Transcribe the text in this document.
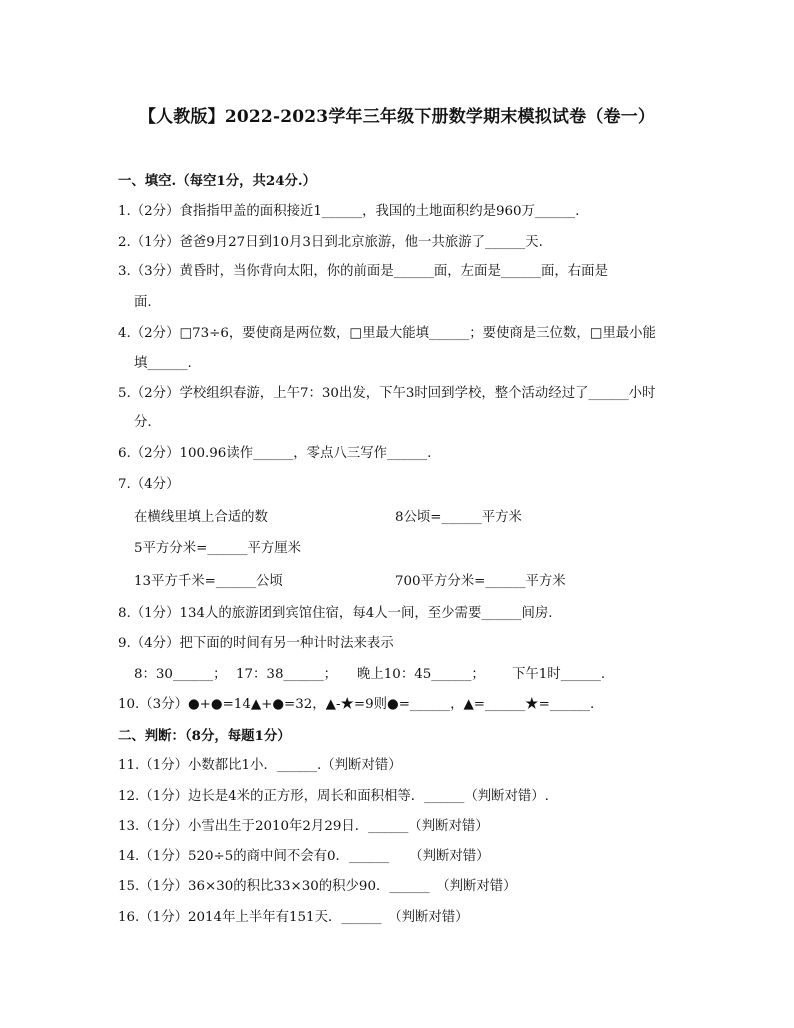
【人教版】2022-2023学年三年级下册数学期末模拟试卷（卷一）
一、填空.（每空1分，共24分.）
1.（2分）食指指甲盖的面积接近1______，我国的土地面积约是960万______.
2.（1分）爸爸9月27日到10月3日到北京旅游，他一共旅游了______天.
3.（3分）黄昏时，当你背向太阳，你的前面是______面，左面是______面，右面是
面.
4.（2分）□73÷6，要使商是两位数，□里最大能填______；要使商是三位数，□里最小能
填______.
5.（2分）学校组织春游，上午7：30出发，下午3时回到学校，整个活动经过了______小时
分.
6.（2分）100.96读作______，零点八三写作______.
7.（4分）
在横线里填上合适的数	8公顷=______平方米
5平方分米=______平方厘米
13平方千米=______公顷	700平方分米=______平方米
8.（1分）134人的旅游团到宾馆住宿，每4人一间，至少需要______间房.
9.（4分）把下面的时间有另一种计时法来表示
8：30______； 17：38______； 晚上10：45______； 下午1时______.
10.（3分）●+●=14▲+●=32，▲-★=9则●=______，▲=______★=______.
二、判断：（8分，每题1分）
11.（1分）小数都比1小．______.（判断对错）
12.（1分）边长是4米的正方形，周长和面积相等．______（判断对错）.
13.（1分）小雪出生于2010年2月29日．______（判断对错）
14.（1分）520÷5的商中间不会有0．______　　（判断对错）
15.（1分）36×30的积比33×30的积少90．______　（判断对错）
16.（1分）2014年上半年有151天．______　（判断对错）
